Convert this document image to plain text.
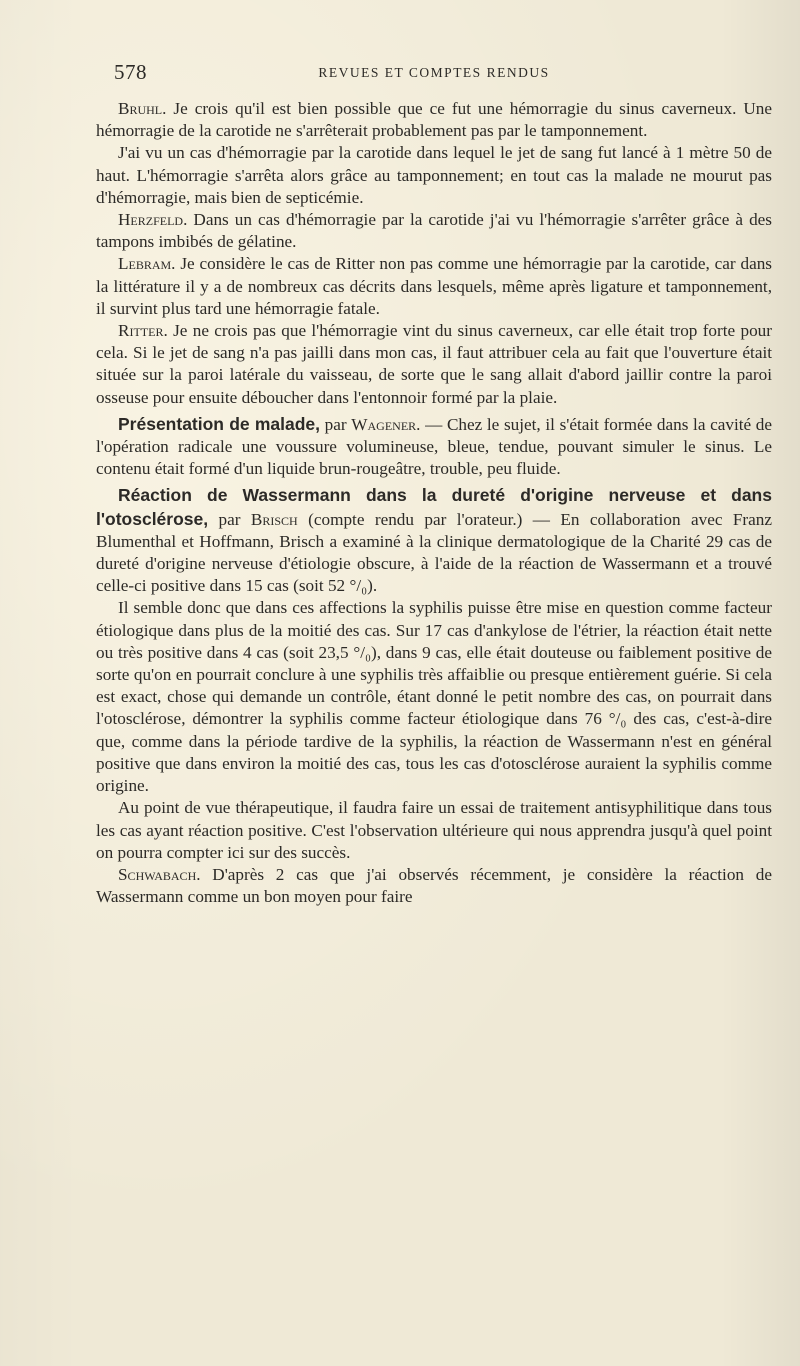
578	REVUES ET COMPTES RENDUS

Bruhl. Je crois qu'il est bien possible que ce fut une hémorragie du sinus caverneux. Une hémorragie de la carotide ne s'arrêterait probablement pas par le tamponnement.

J'ai vu un cas d'hémorragie par la carotide dans lequel le jet de sang fut lancé à 1 mètre 50 de haut. L'hémorragie s'arrêta alors grâce au tamponnement; en tout cas la malade ne mourut pas d'hémorragie, mais bien de septicémie.

Herzfeld. Dans un cas d'hémorragie par la carotide j'ai vu l'hémorragie s'arrêter grâce à des tampons imbibés de gélatine.

Lebram. Je considère le cas de Ritter non pas comme une hémorragie par la carotide, car dans la littérature il y a de nombreux cas décrits dans lesquels, même après ligature et tamponnement, il survint plus tard une hémorragie fatale.

Ritter. Je ne crois pas que l'hémorragie vint du sinus caverneux, car elle était trop forte pour cela. Si le jet de sang n'a pas jailli dans mon cas, il faut attribuer cela au fait que l'ouverture était située sur la paroi latérale du vaisseau, de sorte que le sang allait d'abord jaillir contre la paroi osseuse pour ensuite déboucher dans l'entonnoir formé par la plaie.

Présentation de malade, par Wagener. — Chez le sujet, il s'était formée dans la cavité de l'opération radicale une voussure volumineuse, bleue, tendue, pouvant simuler le sinus. Le contenu était formé d'un liquide brun-rougeâtre, trouble, peu fluide.

Réaction de Wassermann dans la dureté d'origine nerveuse et dans l'otosclérose, par Brisch (compte rendu par l'orateur.) — En collaboration avec Franz Blumenthal et Hoffmann, Brisch a examiné à la clinique dermatologique de la Charité 29 cas de dureté d'origine nerveuse d'étiologie obscure, à l'aide de la réaction de Wassermann et a trouvé celle-ci positive dans 15 cas (soit 52 °/₀).

Il semble donc que dans ces affections la syphilis puisse être mise en question comme facteur étiologique dans plus de la moitié des cas. Sur 17 cas d'ankylose de l'étrier, la réaction était nette ou très positive dans 4 cas (soit 23,5 °/₀), dans 9 cas, elle était douteuse ou faiblement positive de sorte qu'on en pourrait conclure à une syphilis très affaiblie ou presque entièrement guérie. Si cela est exact, chose qui demande un contrôle, étant donné le petit nombre des cas, on pourrait dans l'otosclérose, démontrer la syphilis comme facteur étiologique dans 76 °/₀ des cas, c'est-à-dire que, comme dans la période tardive de la syphilis, la réaction de Wassermann n'est en général positive que dans environ la moitié des cas, tous les cas d'otosclérose auraient la syphilis comme origine.

Au point de vue thérapeutique, il faudra faire un essai de traitement antisyphilitique dans tous les cas ayant réaction positive. C'est l'observation ultérieure qui nous apprendra jusqu'à quel point on pourra compter ici sur des succès.

Schwabach. D'après 2 cas que j'ai observés récemment, je considère la réaction de Wassermann comme un bon moyen pour faire
